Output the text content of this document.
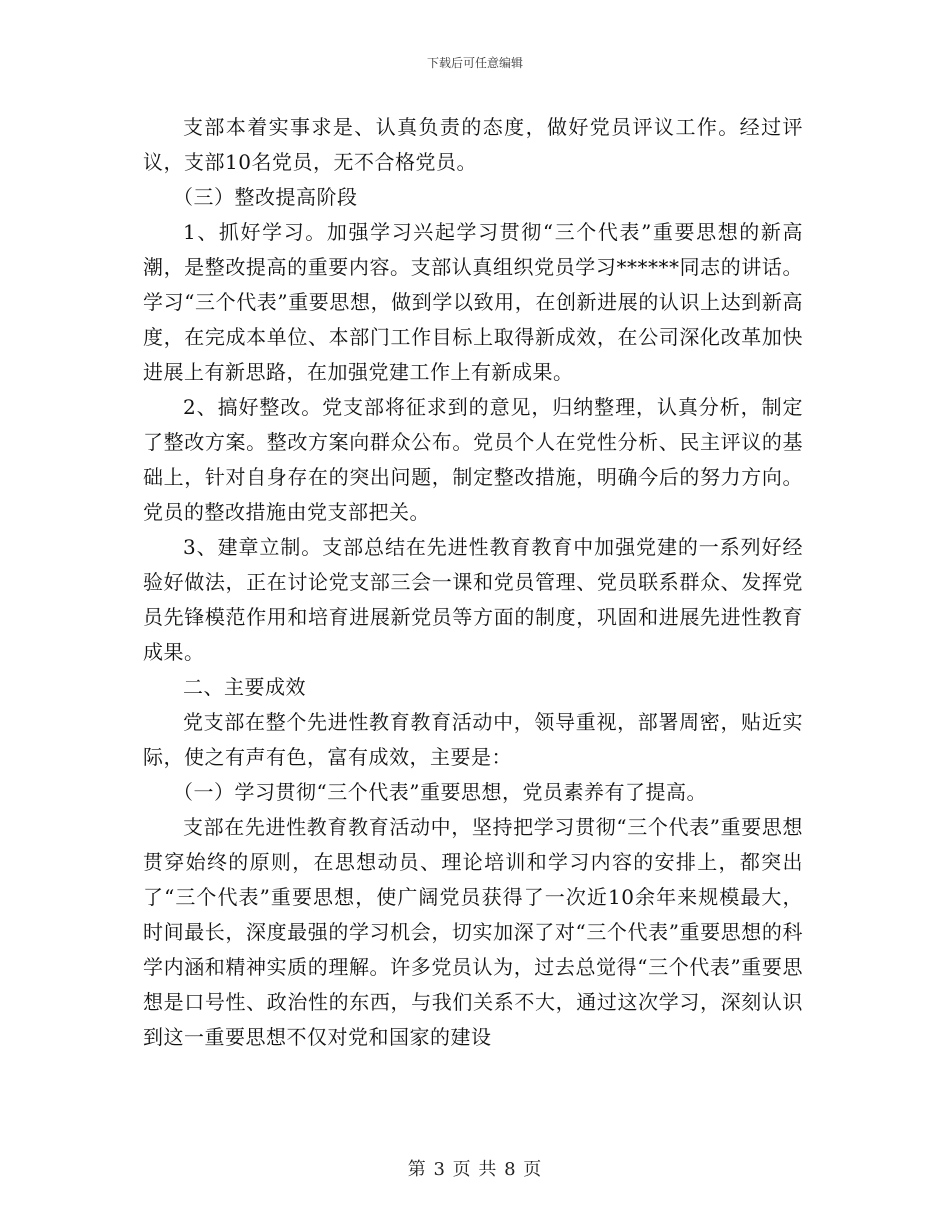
下载后可任意编辑

支部本着实事求是、认真负责的态度，做好党员评议工作。经过评议，支部10名党员，无不合格党员。

（三）整改提高阶段

1、抓好学习。加强学习兴起学习贯彻“三个代表”重要思想的新高潮，是整改提高的重要内容。支部认真组织党员学习******同志的讲话。学习“三个代表”重要思想，做到学以致用，在创新进展的认识上达到新高度，在完成本单位、本部门工作目标上取得新成效，在公司深化改革加快进展上有新思路，在加强党建工作上有新成果。

2、搞好整改。党支部将征求到的意见，归纳整理，认真分析，制定了整改方案。整改方案向群众公布。党员个人在党性分析、民主评议的基础上，针对自身存在的突出问题，制定整改措施，明确今后的努力方向。党员的整改措施由党支部把关。

3、建章立制。支部总结在先进性教育教育中加强党建的一系列好经验好做法，正在讨论党支部三会一课和党员管理、党员联系群众、发挥党员先锋模范作用和培育进展新党员等方面的制度，巩固和进展先进性教育成果。

二、主要成效

党支部在整个先进性教育教育活动中，领导重视，部署周密，贴近实际，使之有声有色，富有成效，主要是：

（一）学习贯彻“三个代表”重要思想，党员素养有了提高。

支部在先进性教育教育活动中，坚持把学习贯彻“三个代表”重要思想贯穿始终的原则，在思想动员、理论培训和学习内容的安排上，都突出了“三个代表”重要思想，使广阔党员获得了一次近10余年来规模最大，时间最长，深度最强的学习机会，切实加深了对“三个代表”重要思想的科学内涵和精神实质的理解。许多党员认为，过去总觉得“三个代表”重要思想是口号性、政治性的东西，与我们关系不大，通过这次学习，深刻认识到这一重要思想不仅对党和国家的建设

第 3 页 共 8 页
